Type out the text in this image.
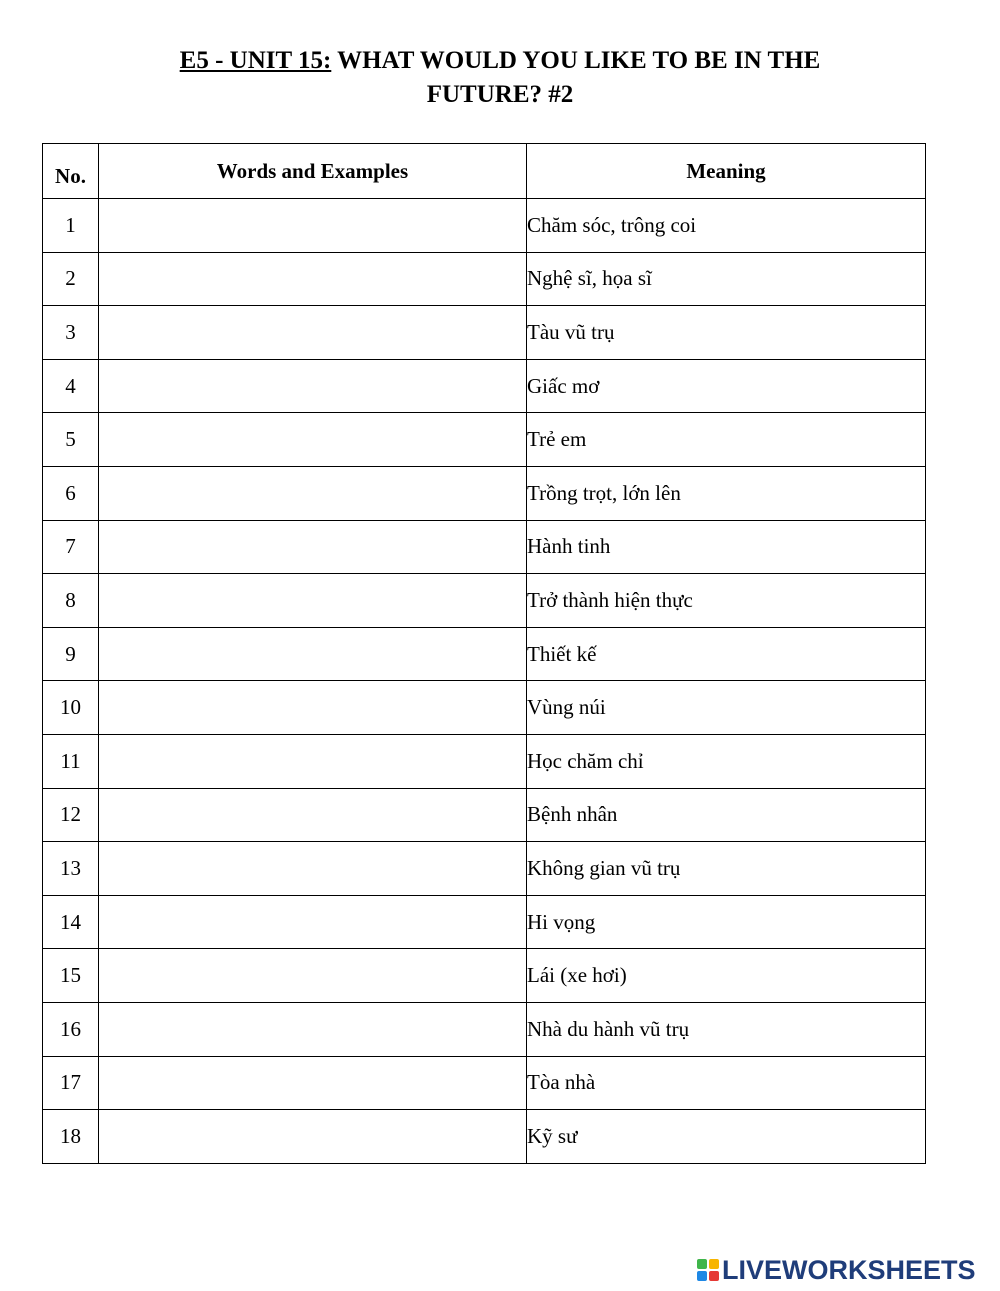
E5 - UNIT 15: WHAT WOULD YOU LIKE TO BE IN THE
FUTURE? #2
No.	Words and Examples	Meaning
1		Chăm sóc, trông coi
2		Nghệ sĩ, họa sĩ
3		Tàu vũ trụ
4		Giấc mơ
5		Trẻ em
6		Trồng trọt, lớn lên
7		Hành tinh
8		Trở thành hiện thực
9		Thiết kế
10		Vùng núi
11		Học chăm chỉ
12		Bệnh nhân
13		Không gian vũ trụ
14		Hi vọng
15		Lái (xe hơi)
16		Nhà du hành vũ trụ
17		Tòa nhà
18		Kỹ sư
LIVEWORKSHEETS
